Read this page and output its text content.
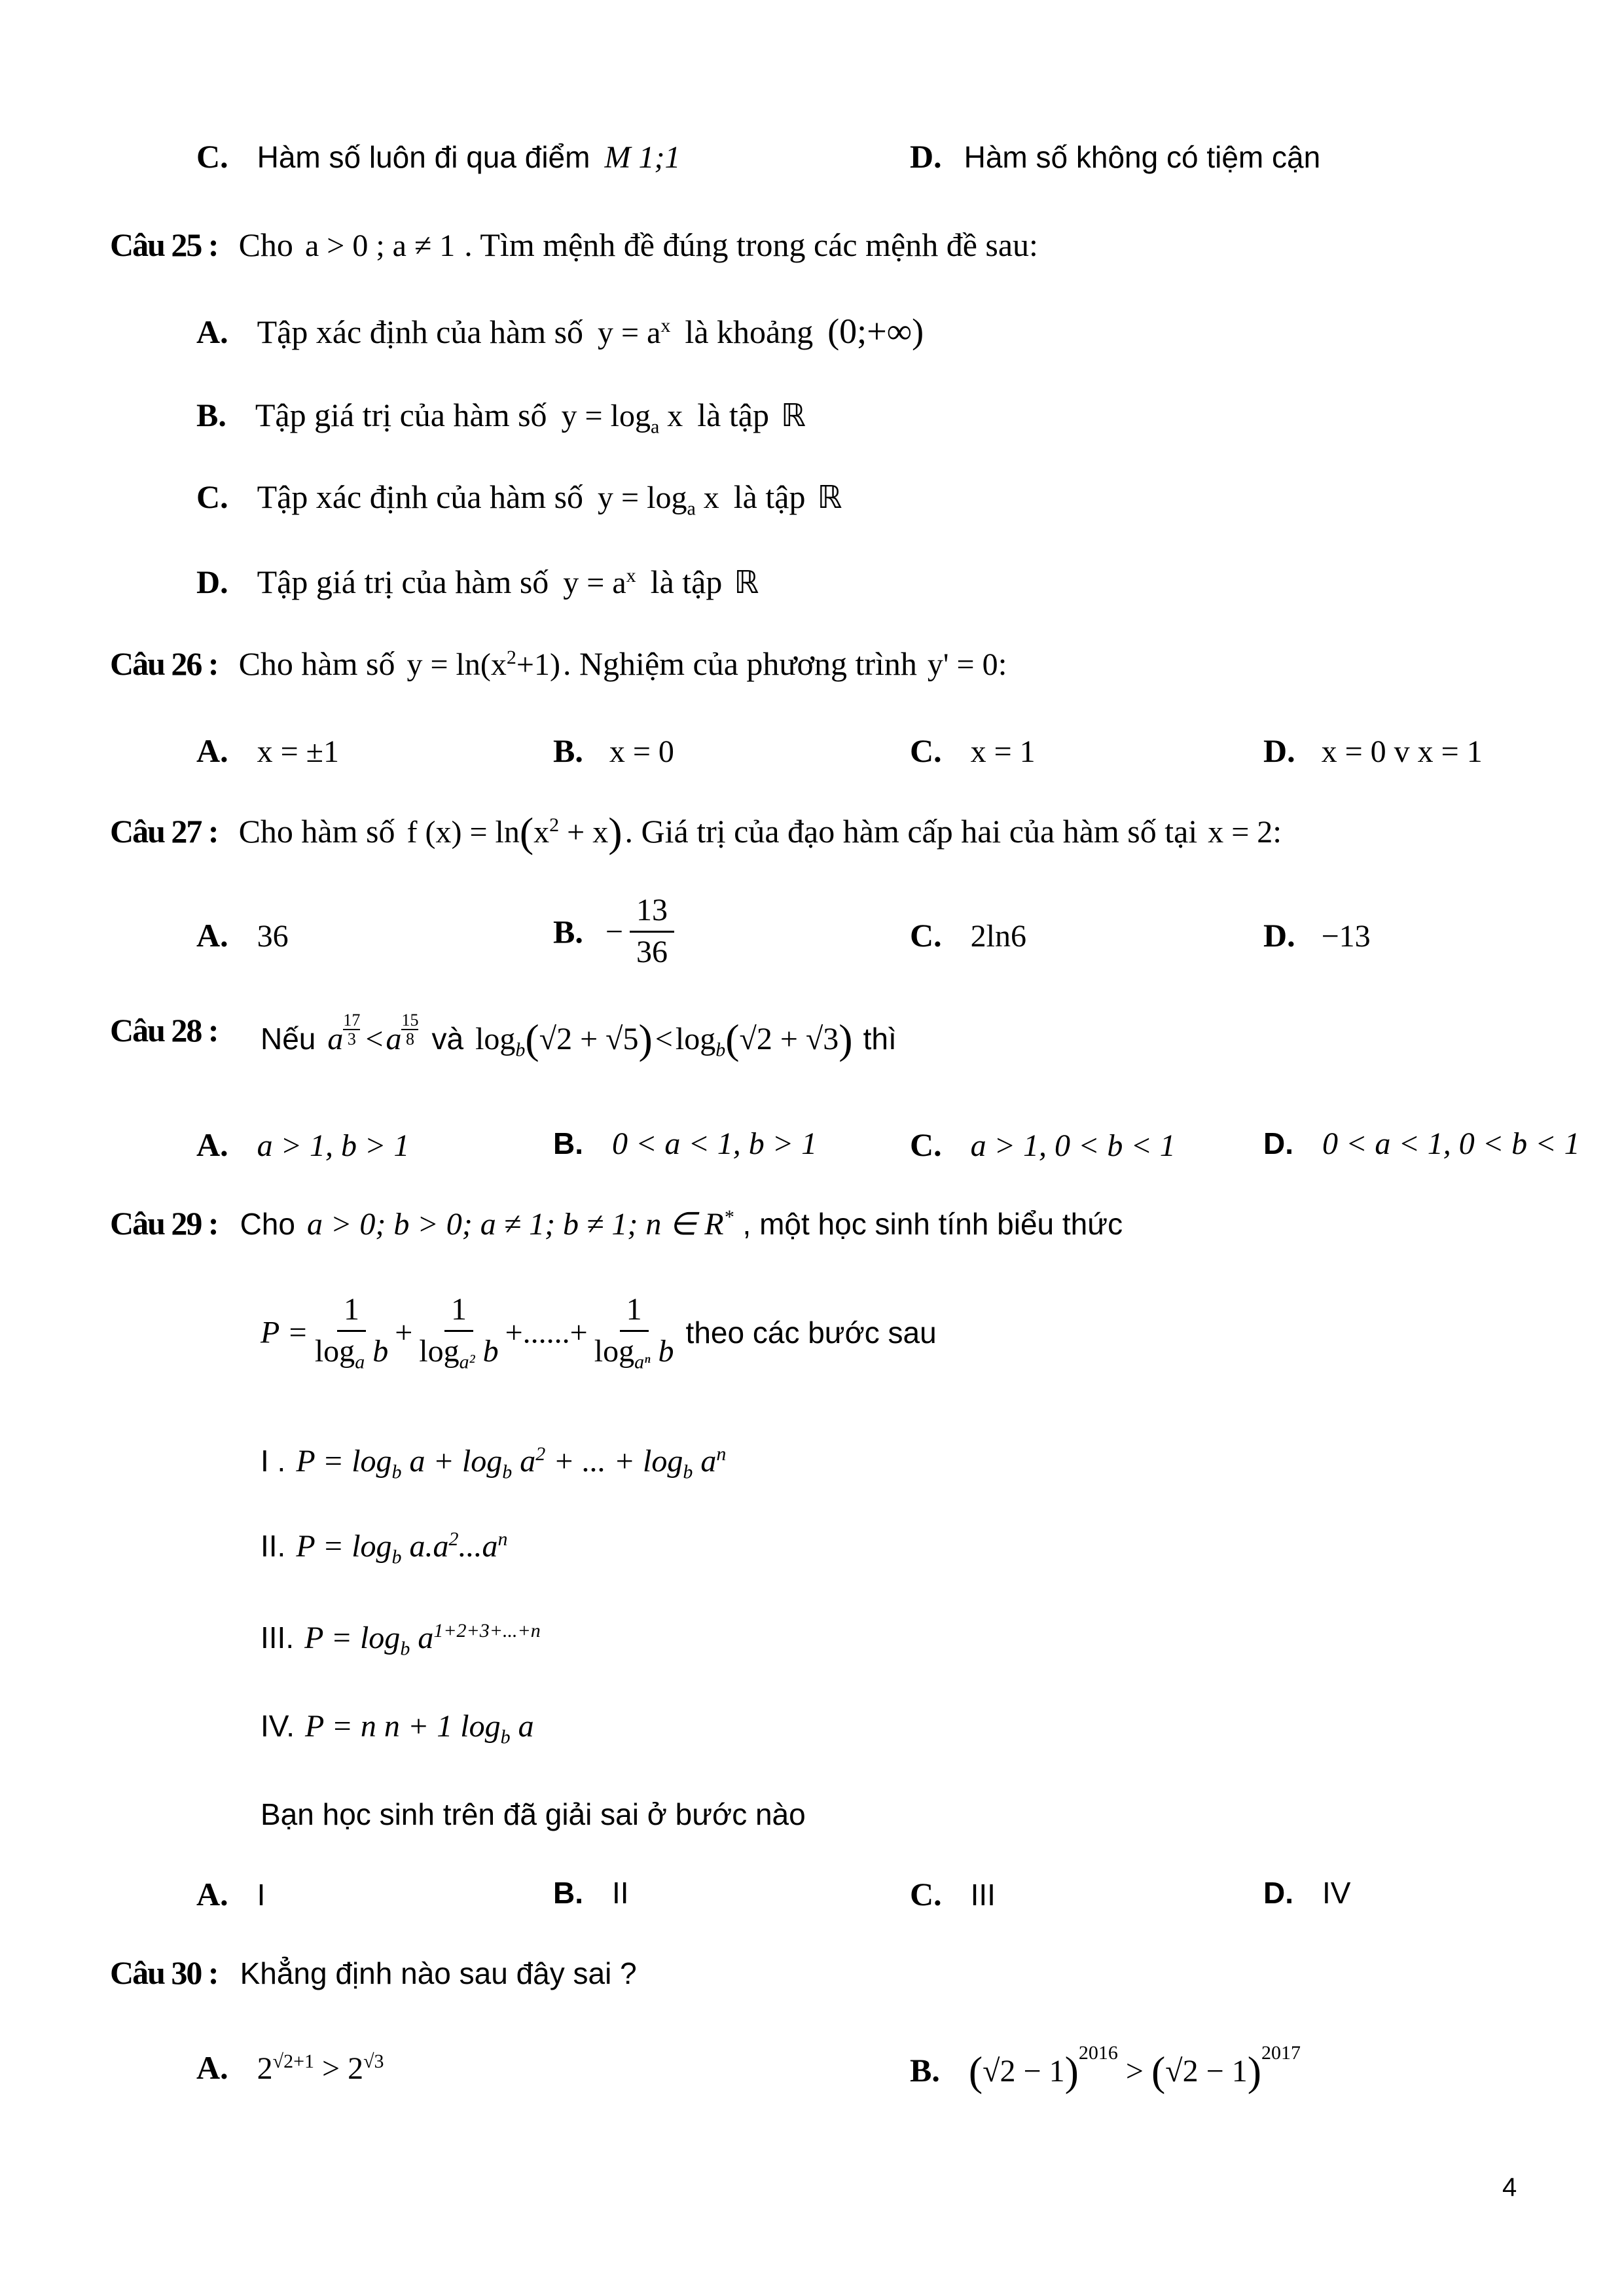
C. Hàm số luôn đi qua điểm M 1;1	D. Hàm số không có tiệm cận
Câu 25 : Cho a > 0 ; a ≠ 1 . Tìm mệnh đề đúng trong các mệnh đề sau:
A. Tập xác định của hàm số $y = a^x$ là khoảng (0;+∞)
B. Tập giá trị của hàm số $y = \log_a x$ là tập ℝ
C. Tập xác định của hàm số $y = \log_a x$ là tập ℝ
D. Tập giá trị của hàm số $y = a^x$ là tập ℝ
Câu 26 : Cho hàm số $y = \ln(x^2+1)$ . Nghiệm của phương trình y' = 0:
A. x = ±1	B. x = 0	C. x = 1	D. x = 0 v x = 1
Câu 27 : Cho hàm số f $(x) = \ln(x^2 + x)$ . Giá trị của đạo hàm cấp hai của hàm số tại x = 2:
A. 36	B. − $\frac{13}{36}$	C. 2ln6	D. −13
Câu 28 : Nếu a $\frac{17}{3} < a \frac{15}{8}$ và $\log_b(√2 + √5) < \log_b(√2 + √3)$ thì
A. a > 1, b > 1	B. 0 < a < 1, b > 1	C. a > 1, 0 < b < 1	D. 0 < a < 1, 0 < b < 1
Câu 29 : Cho a > 0; b > 0; a ≠ 1; b ≠ 1; n ∈ R* , một học sinh tính biểu thức
$P = \frac{1}{\log_a b} + \frac{1}{\log_{a^2} b}$ +......+ $\frac{1}{\log_{a^n} b}$ theo các bước sau
I . $P = \log_b a + \log_b a^2$ + ... + $\log_b a^n$
II. $P = \log_b a.a^2...a^n$
III. $P = \log_b a^{1+2+3+...+n}$
IV. P = n n + 1 $\log_b a$
Bạn học sinh trên đã giải sai ở bước nào
A. I	B. II	C. III	D. IV
Câu 30 : Khẳng định nào sau đây sai ?
A. $2^{√2+1} > 2^{√3}$	B. $(√2 - 1)^{2016} > (√2 - 1)^{2017}$
4
